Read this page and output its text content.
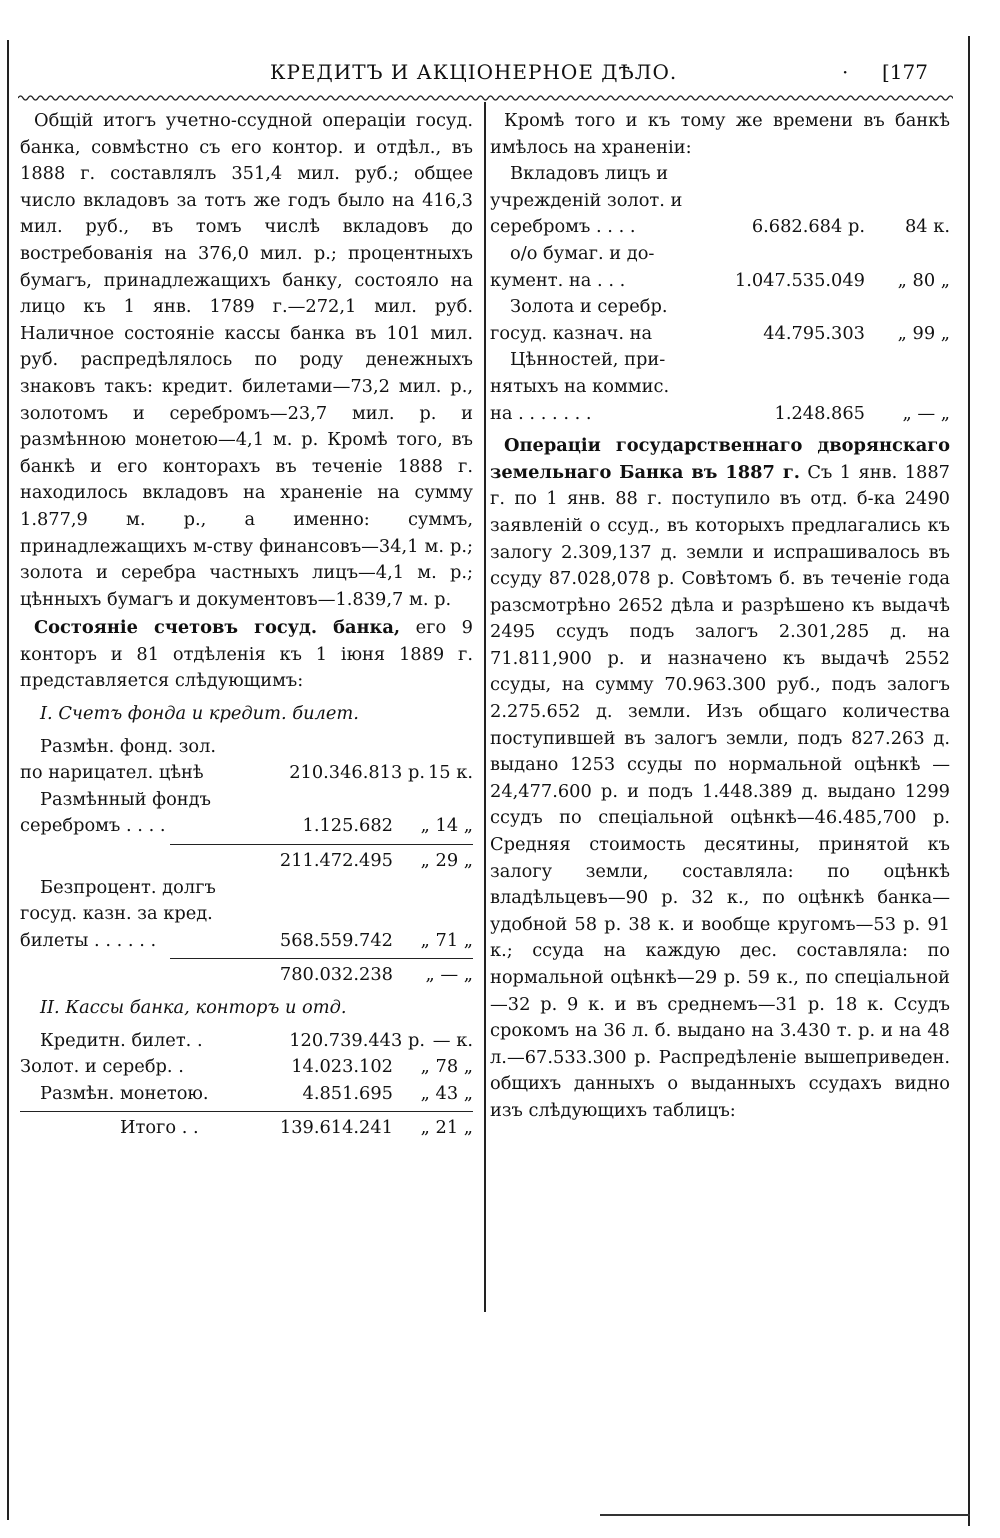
КРЕДИТЪ И АКЦІОНЕРНОЕ ДѢЛО.	· [177

Общій итогъ учетно-ссудной операціи госуд. банка, совмѣстно съ его контор. и отдѣл., въ 1888 г. составлялъ 351,4 мил. руб.; общее число вкладовъ за тотъ же годъ было на 416,3 мил. руб., въ томъ числѣ вкладовъ до востребованія на 376,0 мил. р.; процентныхъ бумагъ, принадлежащихъ банку, состояло на лицо къ 1 янв. 1789 г.—272,1 мил. руб. Наличное состояніе кассы банка въ 101 мил. руб. распредѣлялось по роду денежныхъ знаковъ такъ: кредит. билетами—73,2 мил. р., золотомъ и серебромъ—23,7 мил. р. и размѣнною монетою—4,1 м. р. Кромѣ того, въ банкѣ и его конторахъ въ теченіе 1888 г. находилось вкладовъ на храненіе на сумму 1.877,9 м. р., а именно: суммъ, принадлежащихъ м-ству финансовъ—34,1 м. р.; золота и серебра частныхъ лицъ—4,1 м. р.; цѣнныхъ бумагъ и документовъ—1.839,7 м. р.

Состояніе счетовъ госуд. банка, его 9 конторъ и 81 отдѣленія къ 1 іюня 1889 г. представляется слѣдующимъ:

I. Счетъ фонда и кредит. билет.

Размѣн. фонд. зол.
по нарицател. цѣнѣ	210.346.813 р. 15 к.
Размѣнный фондъ
серебромъ . . . .	1.125.682	„ 14 „
211.472.495	„ 29 „
Безпроцент. долгъ
госуд. казн. за кред.
билеты . . . . . .	568.559.742	„ 71 „
780.032.238	„ — „

II. Кассы банка, конторъ и отд.

Кредитн. билет. .	120.739.443 р. — к.
Золот. и серебр. .	14.023.102	„ 78 „
Размѣн. монетою.	4.851.695	„ 43 „
Итого . .	139.614.241	„ 21 „

Кромѣ того и къ тому же времени въ банкѣ имѣлось на храненіи:

Вкладовъ лицъ и
учрежденій золот. и
серебромъ . . . .	6.682.684 р.	84 к.
о/о бумаг. и до-
кумент. на . . .	1.047.535.049	„ 80 „
Золота и серебр.
госуд. казнач. на	44.795.303	„ 99 „
Цѣнностей, при-
нятыхъ на коммис.
на . . . . . . .	1.248.865	„ — „

Операціи государственнаго дворянскаго земельнаго Банка въ 1887 г. Съ 1 янв. 1887 г. по 1 янв. 88 г. поступило въ отд. б-ка 2490 заявленій о ссуд., въ которыхъ предлагались къ залогу 2.309,137 д. земли и испрашивалось въ ссуду 87.028,078 р. Совѣтомъ б. въ теченіе года разсмотрѣно 2652 дѣла и разрѣшено къ выдачѣ 2495 ссудъ подъ залогъ 2.301,285 д. на 71.811,900 р. и назначено къ выдачѣ 2552 ссуды, на сумму 70.963.300 руб., подъ залогъ 2.275.652 д. земли. Изъ общаго количества поступившей въ залогъ земли, подъ 827.263 д. выдано 1253 ссуды по нормальной оцѣнкѣ — 24,477.600 р. и подъ 1.448.389 д. выдано 1299 ссудъ по спеціальной оцѣнкѣ—46.485,700 р. Средняя стоимость десятины, принятой къ залогу земли, составляла: по оцѣнкѣ владѣльцевъ—90 р. 32 к., по оцѣнкѣ банка—удобной 58 р. 38 к. и вообще кругомъ—53 р. 91 к.; ссуда на каждую дес. составляла: по нормальной оцѣнкѣ—29 р. 59 к., по спеціальной—32 р. 9 к. и въ среднемъ—31 р. 18 к. Ссудъ срокомъ на 36 л. б. выдано на 3.430 т. р. и на 48 л.—67.533.300 р. Распредѣленіе вышеприведен. общихъ данныхъ о выданныхъ ссудахъ видно изъ слѣдующихъ таблицъ:
